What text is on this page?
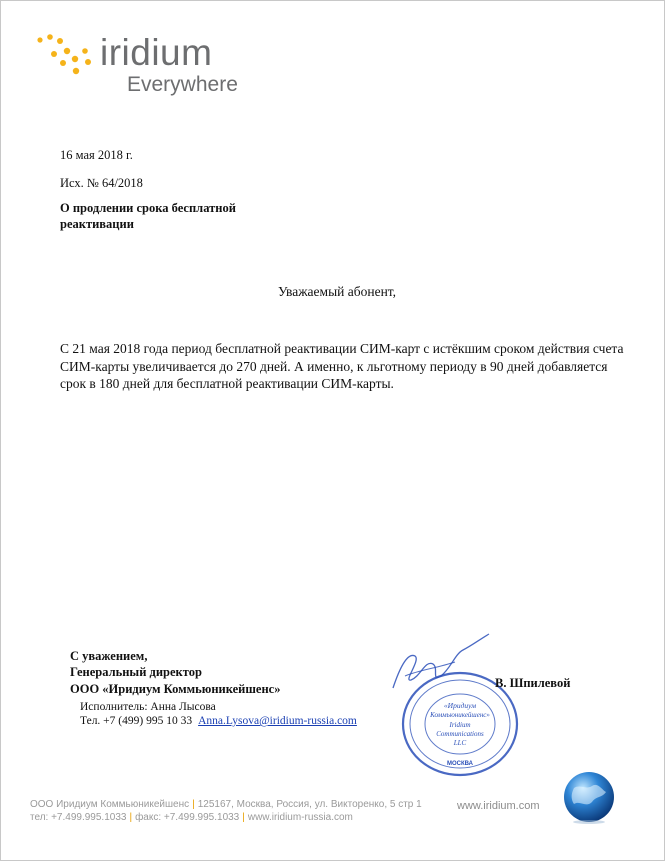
iridium
Everywhere
16 мая 2018 г.
Исх. № 64/2018
О продлении срока бесплатной
реактивации
Уважаемый абонент,
С 21 мая 2018 года период бесплатной реактивации СИМ-карт с истёкшим сроком действия счета
СИМ-карты увеличивается до 270 дней. А именно, к льготному периоду в 90 дней добавляется
срок в 180 дней для бесплатной реактивации СИМ-карты.
С уважением,
Генеральный директор
ООО «Иридиум Коммьюникейшенс»
Исполнитель: Анна Лысова
Тел. +7 (499) 995 10 33 Anna.Lysova@iridium-russia.com
«Иридиум
Коммьюникейшенс»
Iridium
Communications
LLC
МОСКВА
В. Шпилевой
ООО Иридиум Коммьюникейшенс | 125167, Москва, Россия, ул. Викторенко, 5 стр 1
тел: +7.499.995.1033 | факс: +7.499.995.1033 | www.iridium-russia.com
www.iridium.com
